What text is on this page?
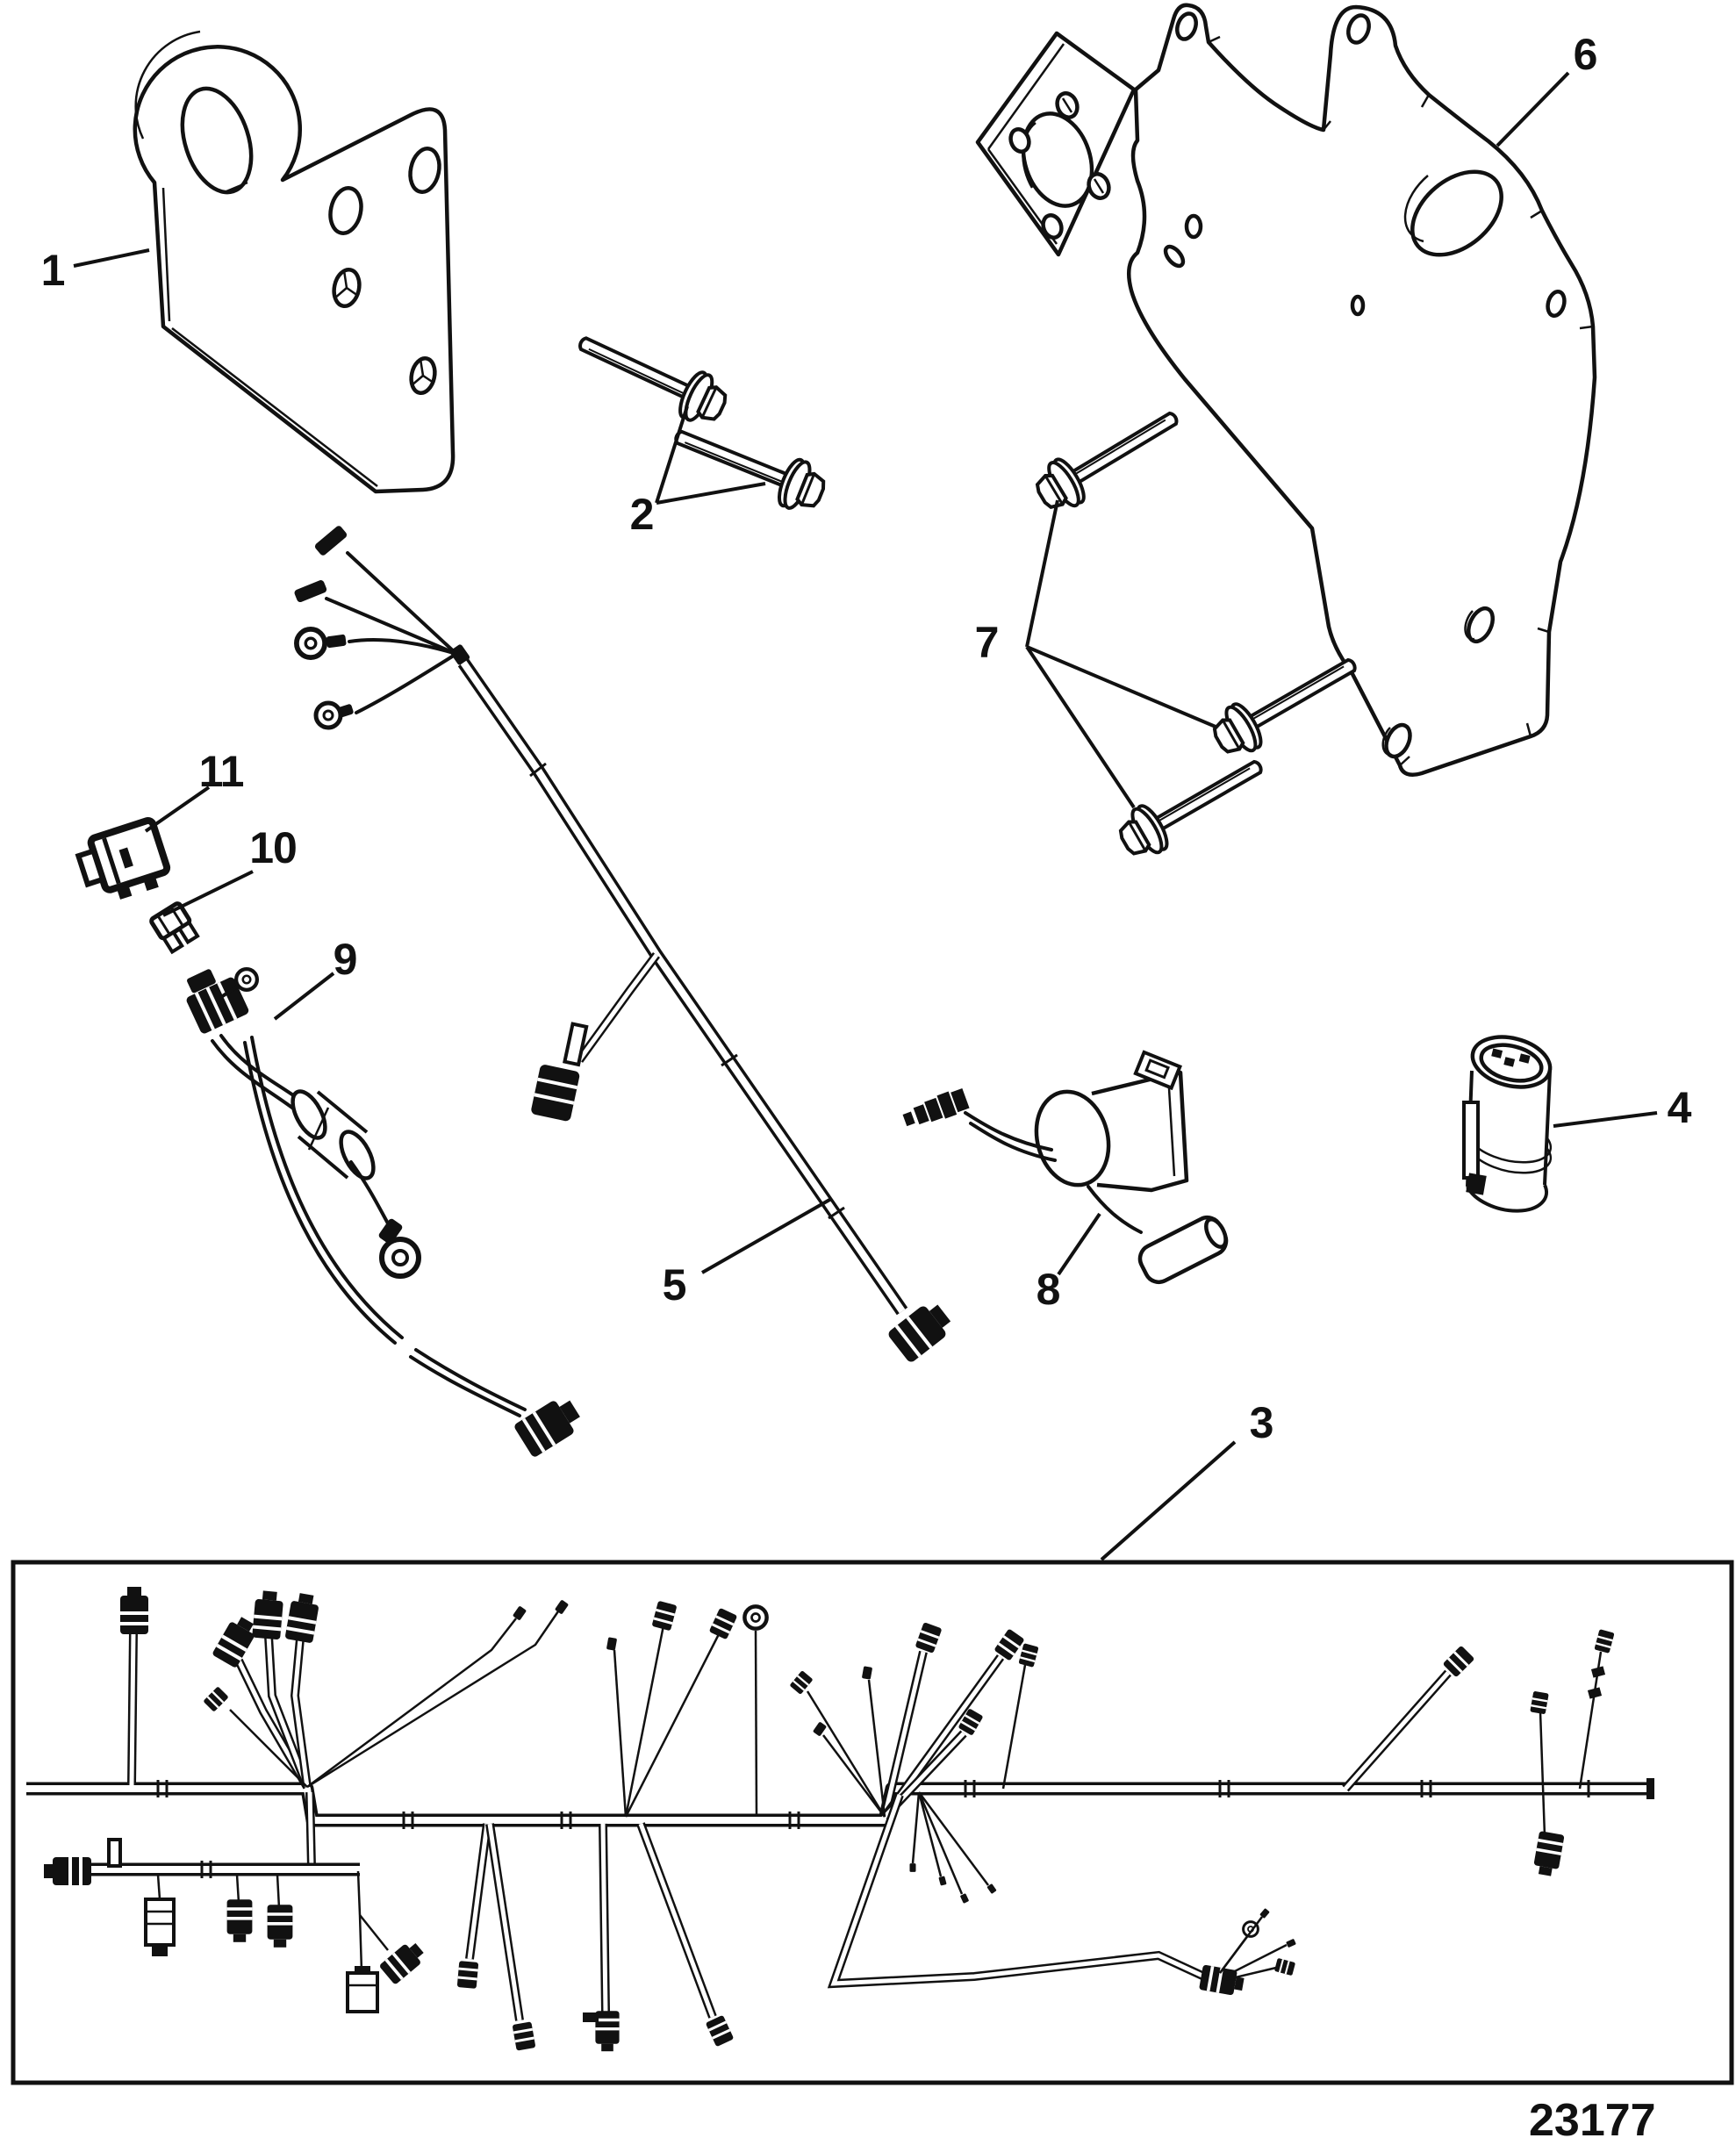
1
2
3
4
5
6
7
8
9
10
11
23177
